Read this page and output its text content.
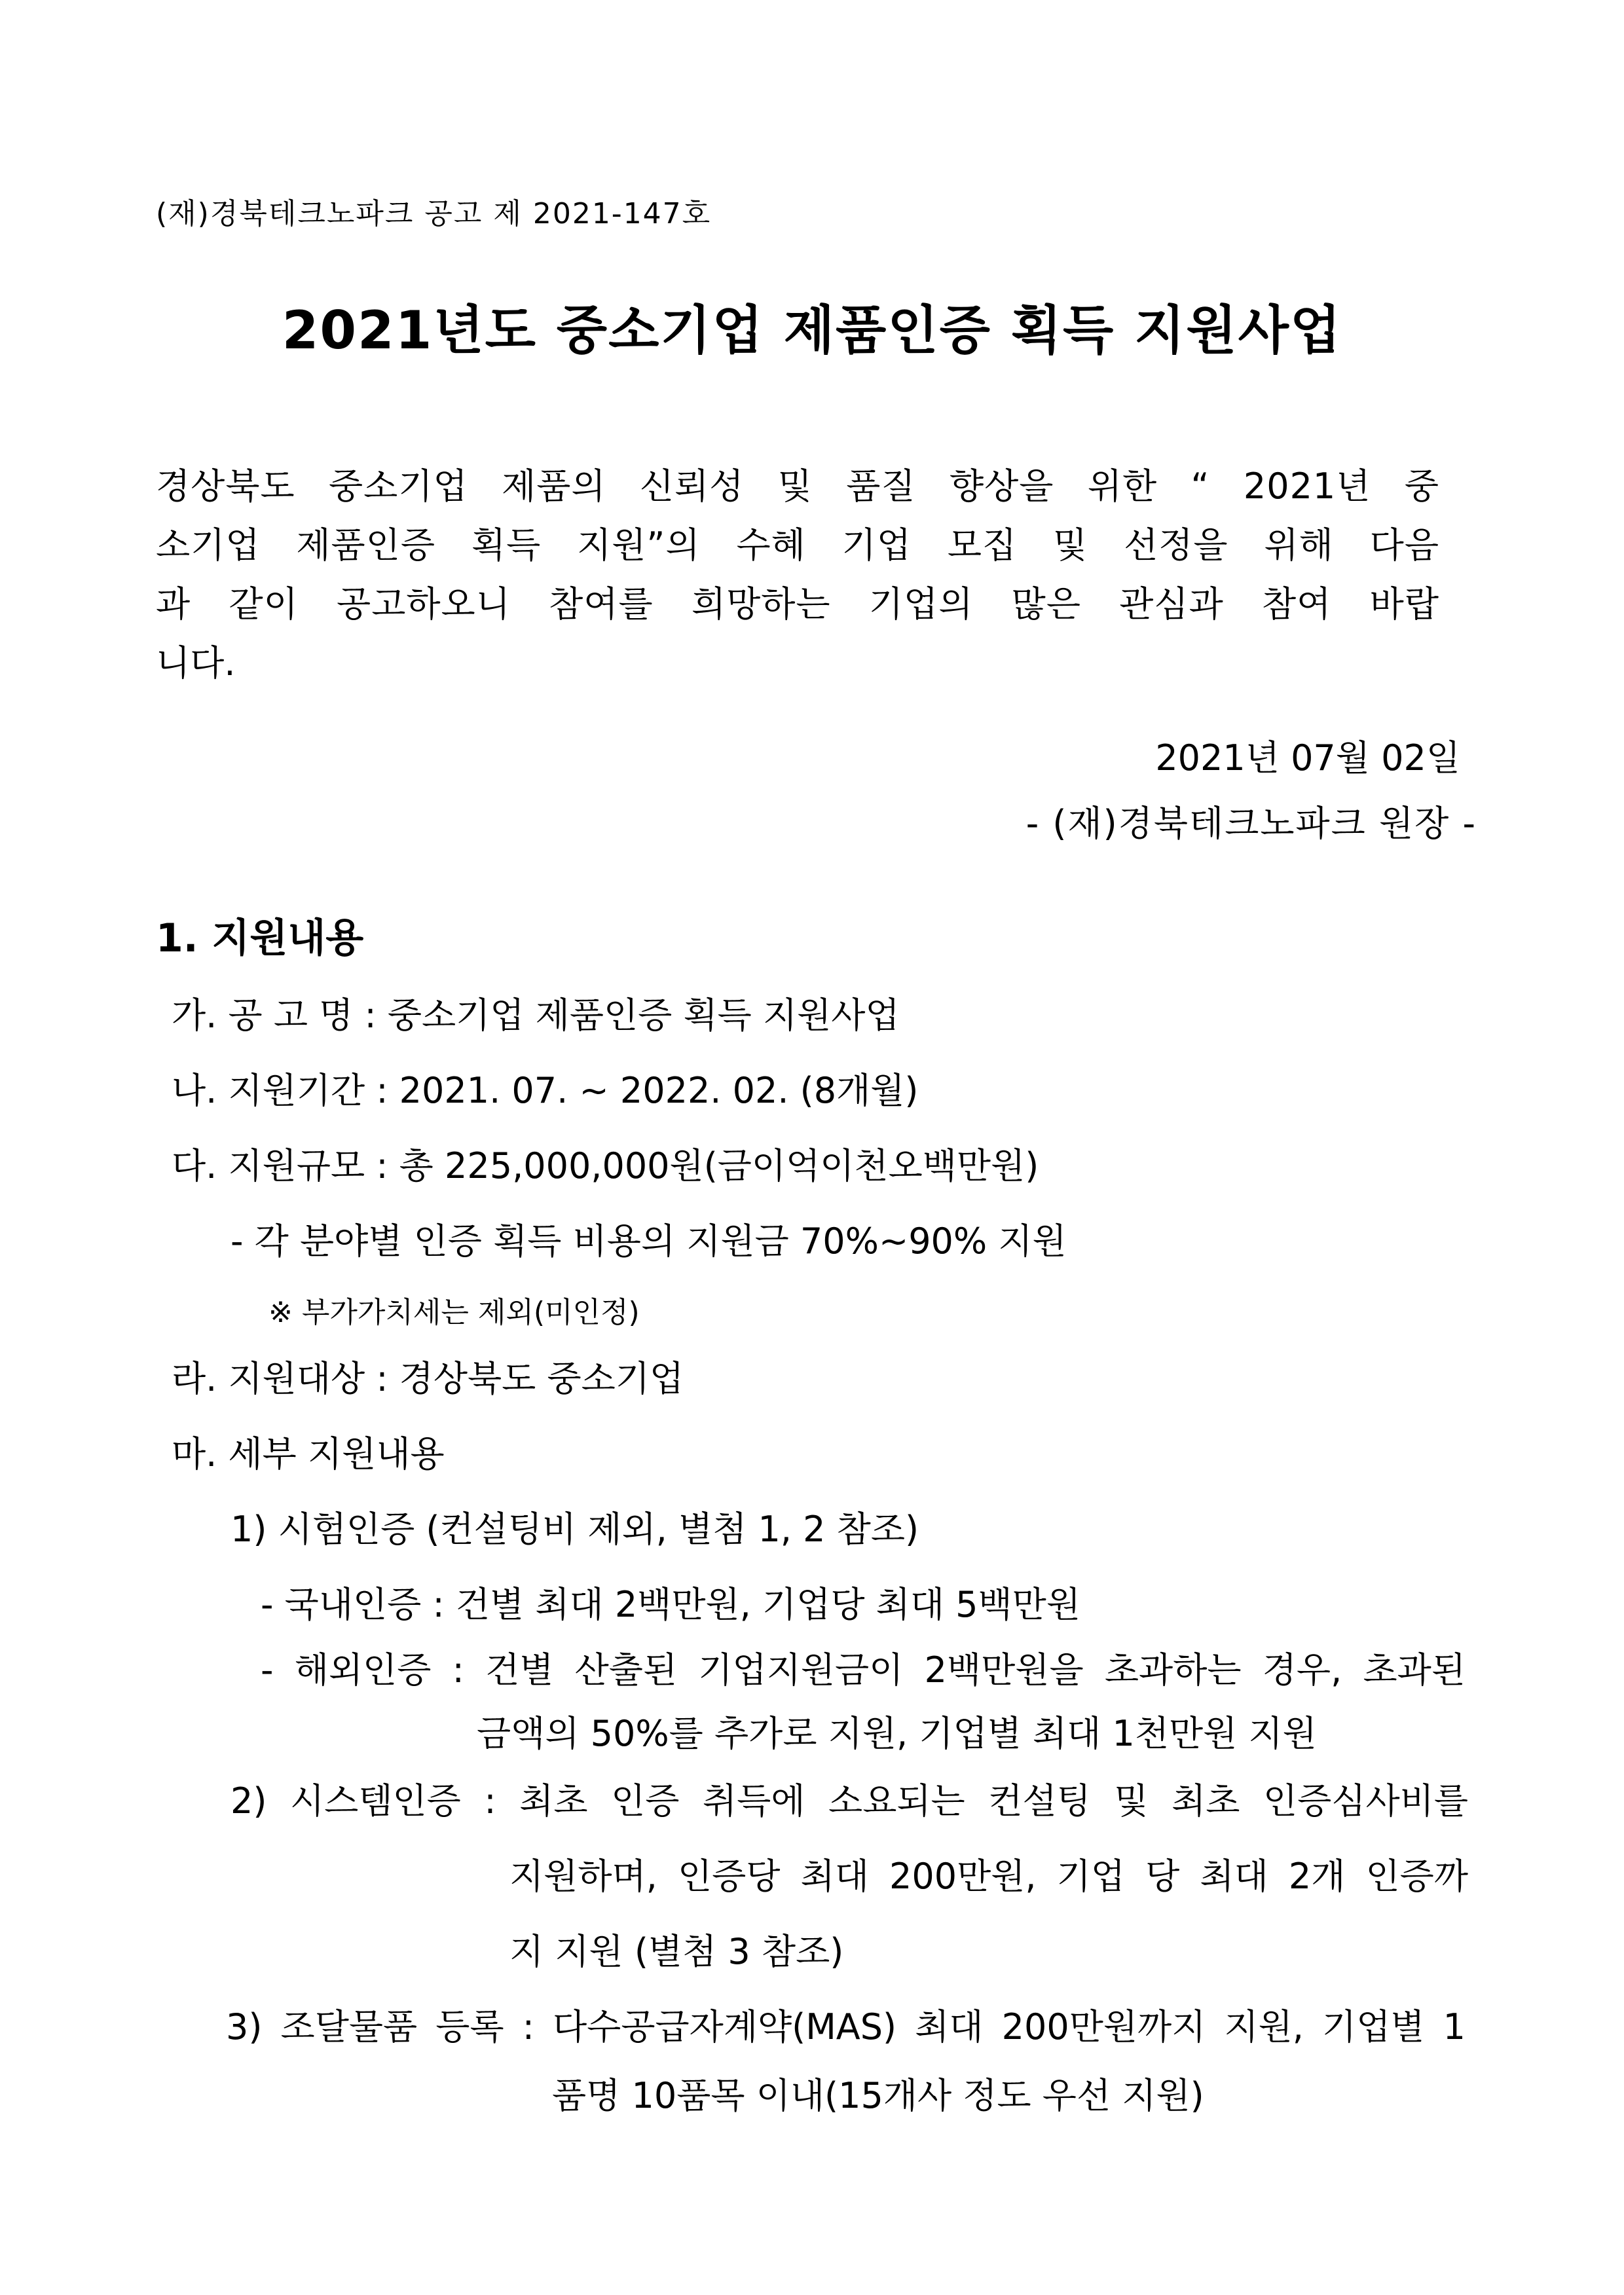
(재)경북테크노파크 공고 제 2021-147호
2021년도 중소기업 제품인증 획득 지원사업
경상북도 중소기업 제품의 신뢰성 및 품질 향상을 위한 “ 2021년 중
소기업 제품인증 획득 지원”의 수혜 기업 모집 및 선정을 위해 다음
과 같이 공고하오니 참여를 희망하는 기업의 많은 관심과 참여 바랍
니다.
2021년 07월 02일
- (재)경북테크노파크 원장 -
1. 지원내용
가. 공 고 명 : 중소기업 제품인증 획득 지원사업
나. 지원기간 : 2021. 07. ~ 2022. 02. (8개월)
다. 지원규모 : 총 225,000,000원(금이억이천오백만원)
- 각 분야별 인증 획득 비용의 지원금 70%~90% 지원
※ 부가가치세는 제외(미인정)
라. 지원대상 : 경상북도 중소기업
마. 세부 지원내용
1) 시험인증 (컨설팅비 제외, 별첨 1, 2 참조)
- 국내인증 : 건별 최대 2백만원, 기업당 최대 5백만원
- 해외인증 : 건별 산출된 기업지원금이 2백만원을 초과하는 경우, 초과된
금액의 50%를 추가로 지원, 기업별 최대 1천만원 지원
2) 시스템인증 : 최초 인증 취득에 소요되는 컨설팅 및 최초 인증심사비를
지원하며, 인증당 최대 200만원, 기업 당 최대 2개 인증까
지 지원 (별첨 3 참조)
3) 조달물품 등록 : 다수공급자계약(MAS) 최대 200만원까지 지원, 기업별 1
품명 10품목 이내(15개사 정도 우선 지원)
